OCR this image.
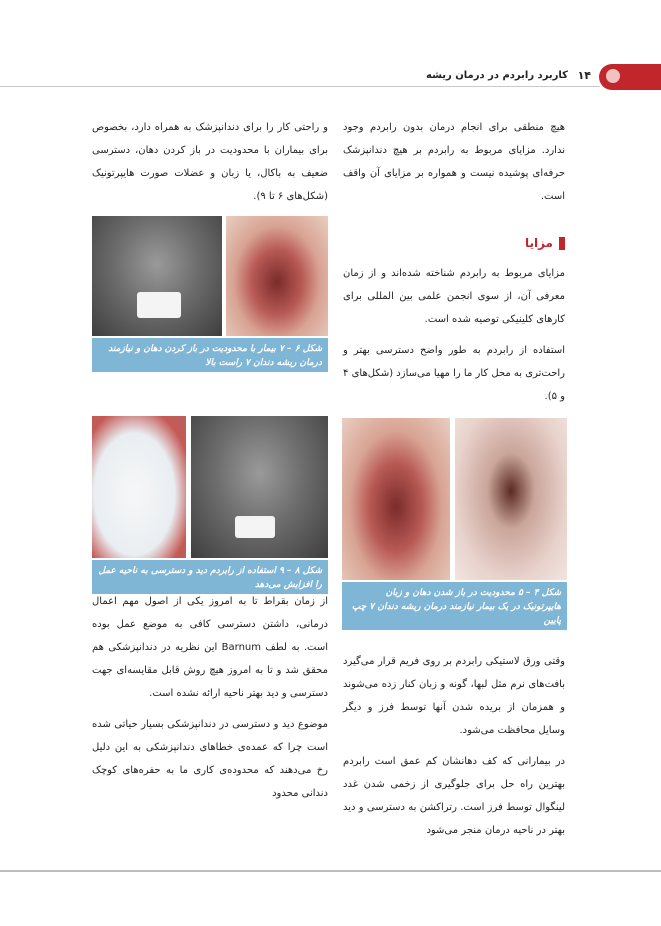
کاربرد رابردم در درمان ریشه ۱۴

هیچ منطقی برای انجام درمان بدون رابردم وجود ندارد. مزایای مربوط به رابردم بر هیچ دندانپزشک حرفه‌ای پوشیده نیست و همواره بر مزایای آن واقف است.

مزایا

مزایای مربوط به رابردم شناخته شده‌اند و از زمان معرفی آن، از سوی انجمن علمی بین المللی برای کارهای کلینیکی توصیه شده است.

استفاده از رابردم به طور واضح دسترسی بهتر و راحت‌تری به محل کار ما را مهیا می‌سازد (شکل‌های ۴ و ۵).

شکل ۴ – ۵ محدودیت در باز شدن دهان و زبان هایپرتونیک در یک بیمار نیازمند درمان ریشه دندان ۷ چپ پایین

وقتی ورق لاستیکی رابردم بر روی فریم قرار می‌گیرد بافت‌های نرم مثل لبها، گونه و زبان کنار زده می‌شوند و همزمان از بریده شدن آنها توسط فرز و دیگر وسایل محافظت می‌شود.

در بیمارانی که کف دهانشان کم عمق است رابردم بهترین راه حل برای جلوگیری از زخمی شدن غدد لینگوال توسط فرز است. رتراکشن به دسترسی و دید بهتر در ناحیه درمان منجر می‌شود

و راحتی کار را برای دندانپزشک به همراه دارد، بخصوص برای بیماران با محدودیت در باز کردن دهان، دسترسی ضعیف به باکال، یا زبان و عضلات صورت هایپرتونیک (شکل‌های ۶ تا ۹).

شکل ۶ – ۷ بیمار با محدودیت در باز کردن دهان و نیازمند درمان ریشه دندان ۷ راست بالا
شکل ۸ – ۹ استفاده از رابردم دید و دسترسی به ناحیه عمل را افزایش می‌دهد

از زمان بقراط تا به امروز یکی از اصول مهم اعمال درمانی، داشتن دسترسی کافی به موضع عمل بوده است. به لطف Barnum این نظریه در دندانپزشکی هم محقق شد و تا به امروز هیچ روش قابل مقایسه‌ای جهت دسترسی و دید بهتر ناحیه ارائه نشده است.

موضوع دید و دسترسی در دندانپزشکی بسیار حیاتی شده است چرا که عمده‌ی خطاهای دندانپزشکی به این دلیل رخ می‌دهند که محدوده‌ی کاری ما به حفره‌های کوچک دندانی محدود
